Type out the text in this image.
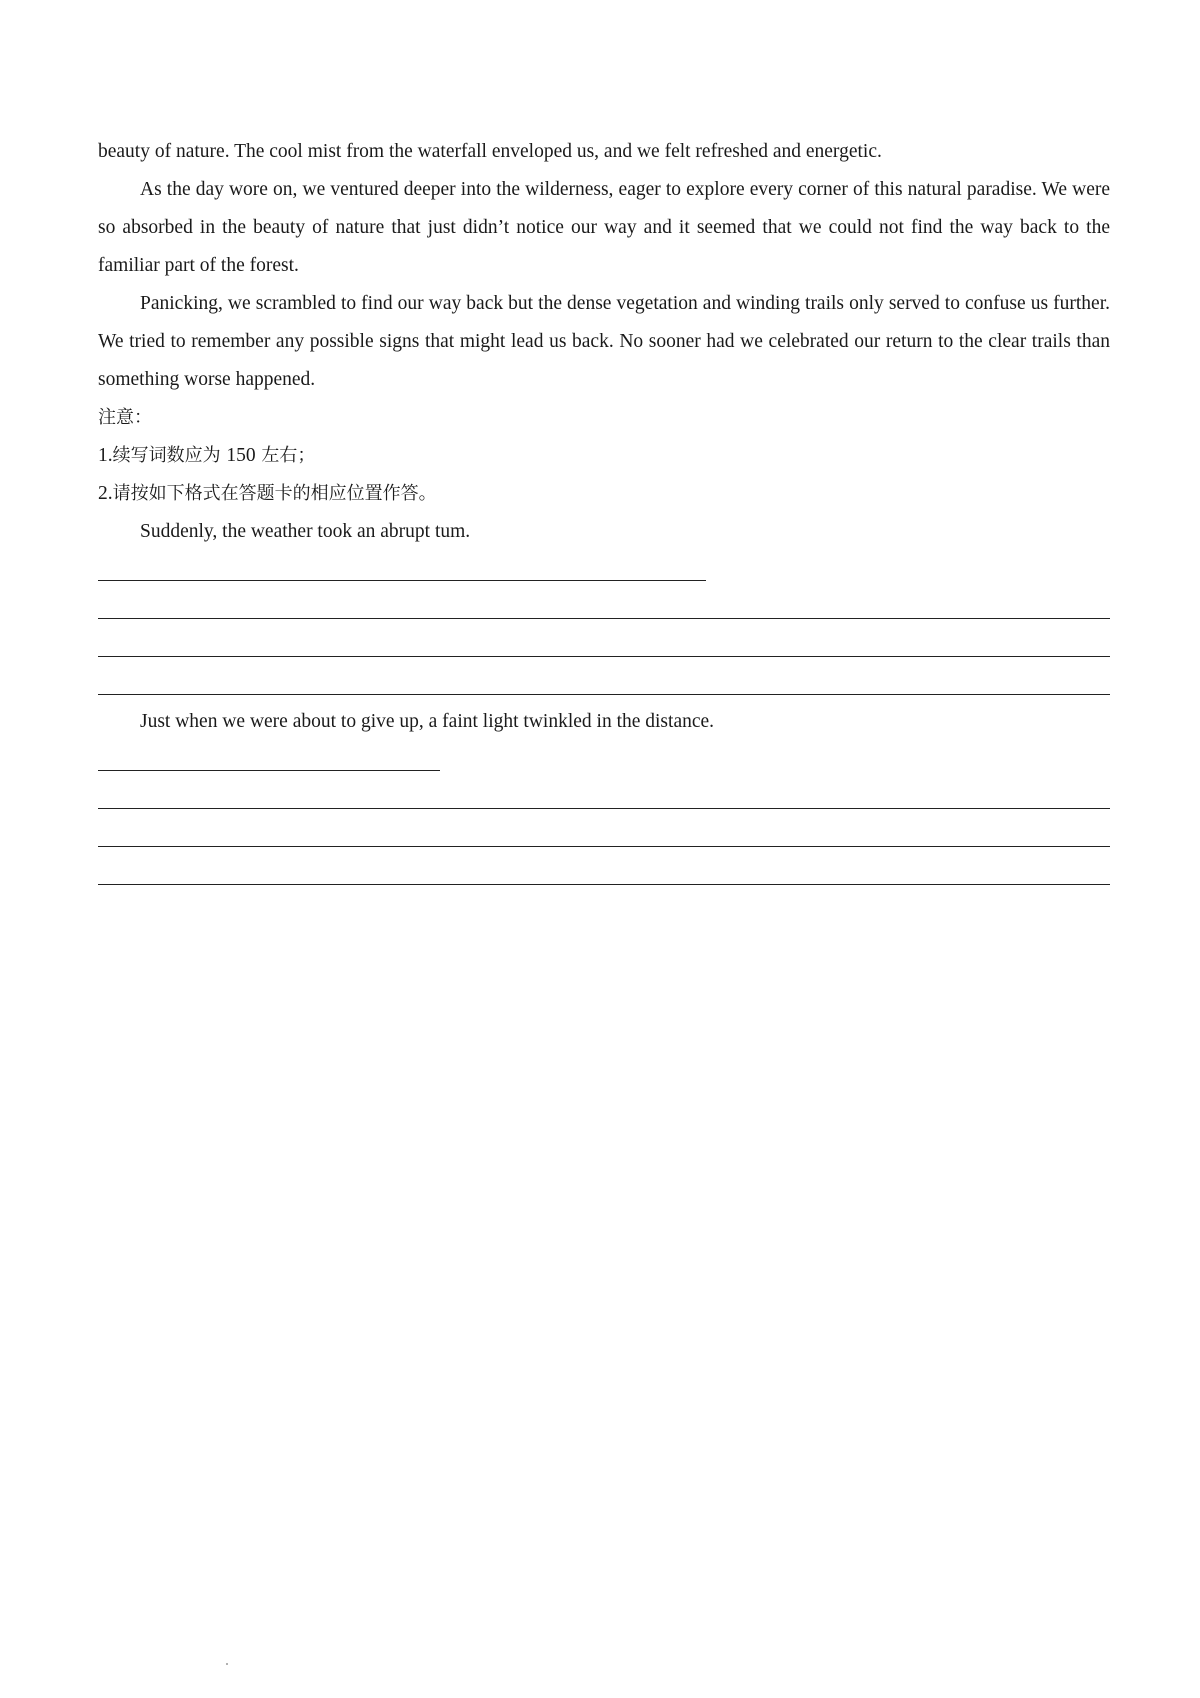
beauty of nature. The cool mist from the waterfall enveloped us, and we felt refreshed and energetic.

As the day wore on, we ventured deeper into the wilderness, eager to explore every corner of this natural paradise. We were so absorbed in the beauty of nature that just didn’t notice our way and it seemed that we could not find the way back to the familiar part of the forest.

Panicking, we scrambled to find our way back but the dense vegetation and winding trails only served to confuse us further. We tried to remember any possible signs that might lead us back. No sooner had we celebrated our return to the clear trails than something worse happened.

注意：

1.续写词数应为 150 左右；

2.请按如下格式在答题卡的相应位置作答。

Suddenly, the weather took an abrupt tum.

Just when we were about to give up, a faint light twinkled in the distance.
